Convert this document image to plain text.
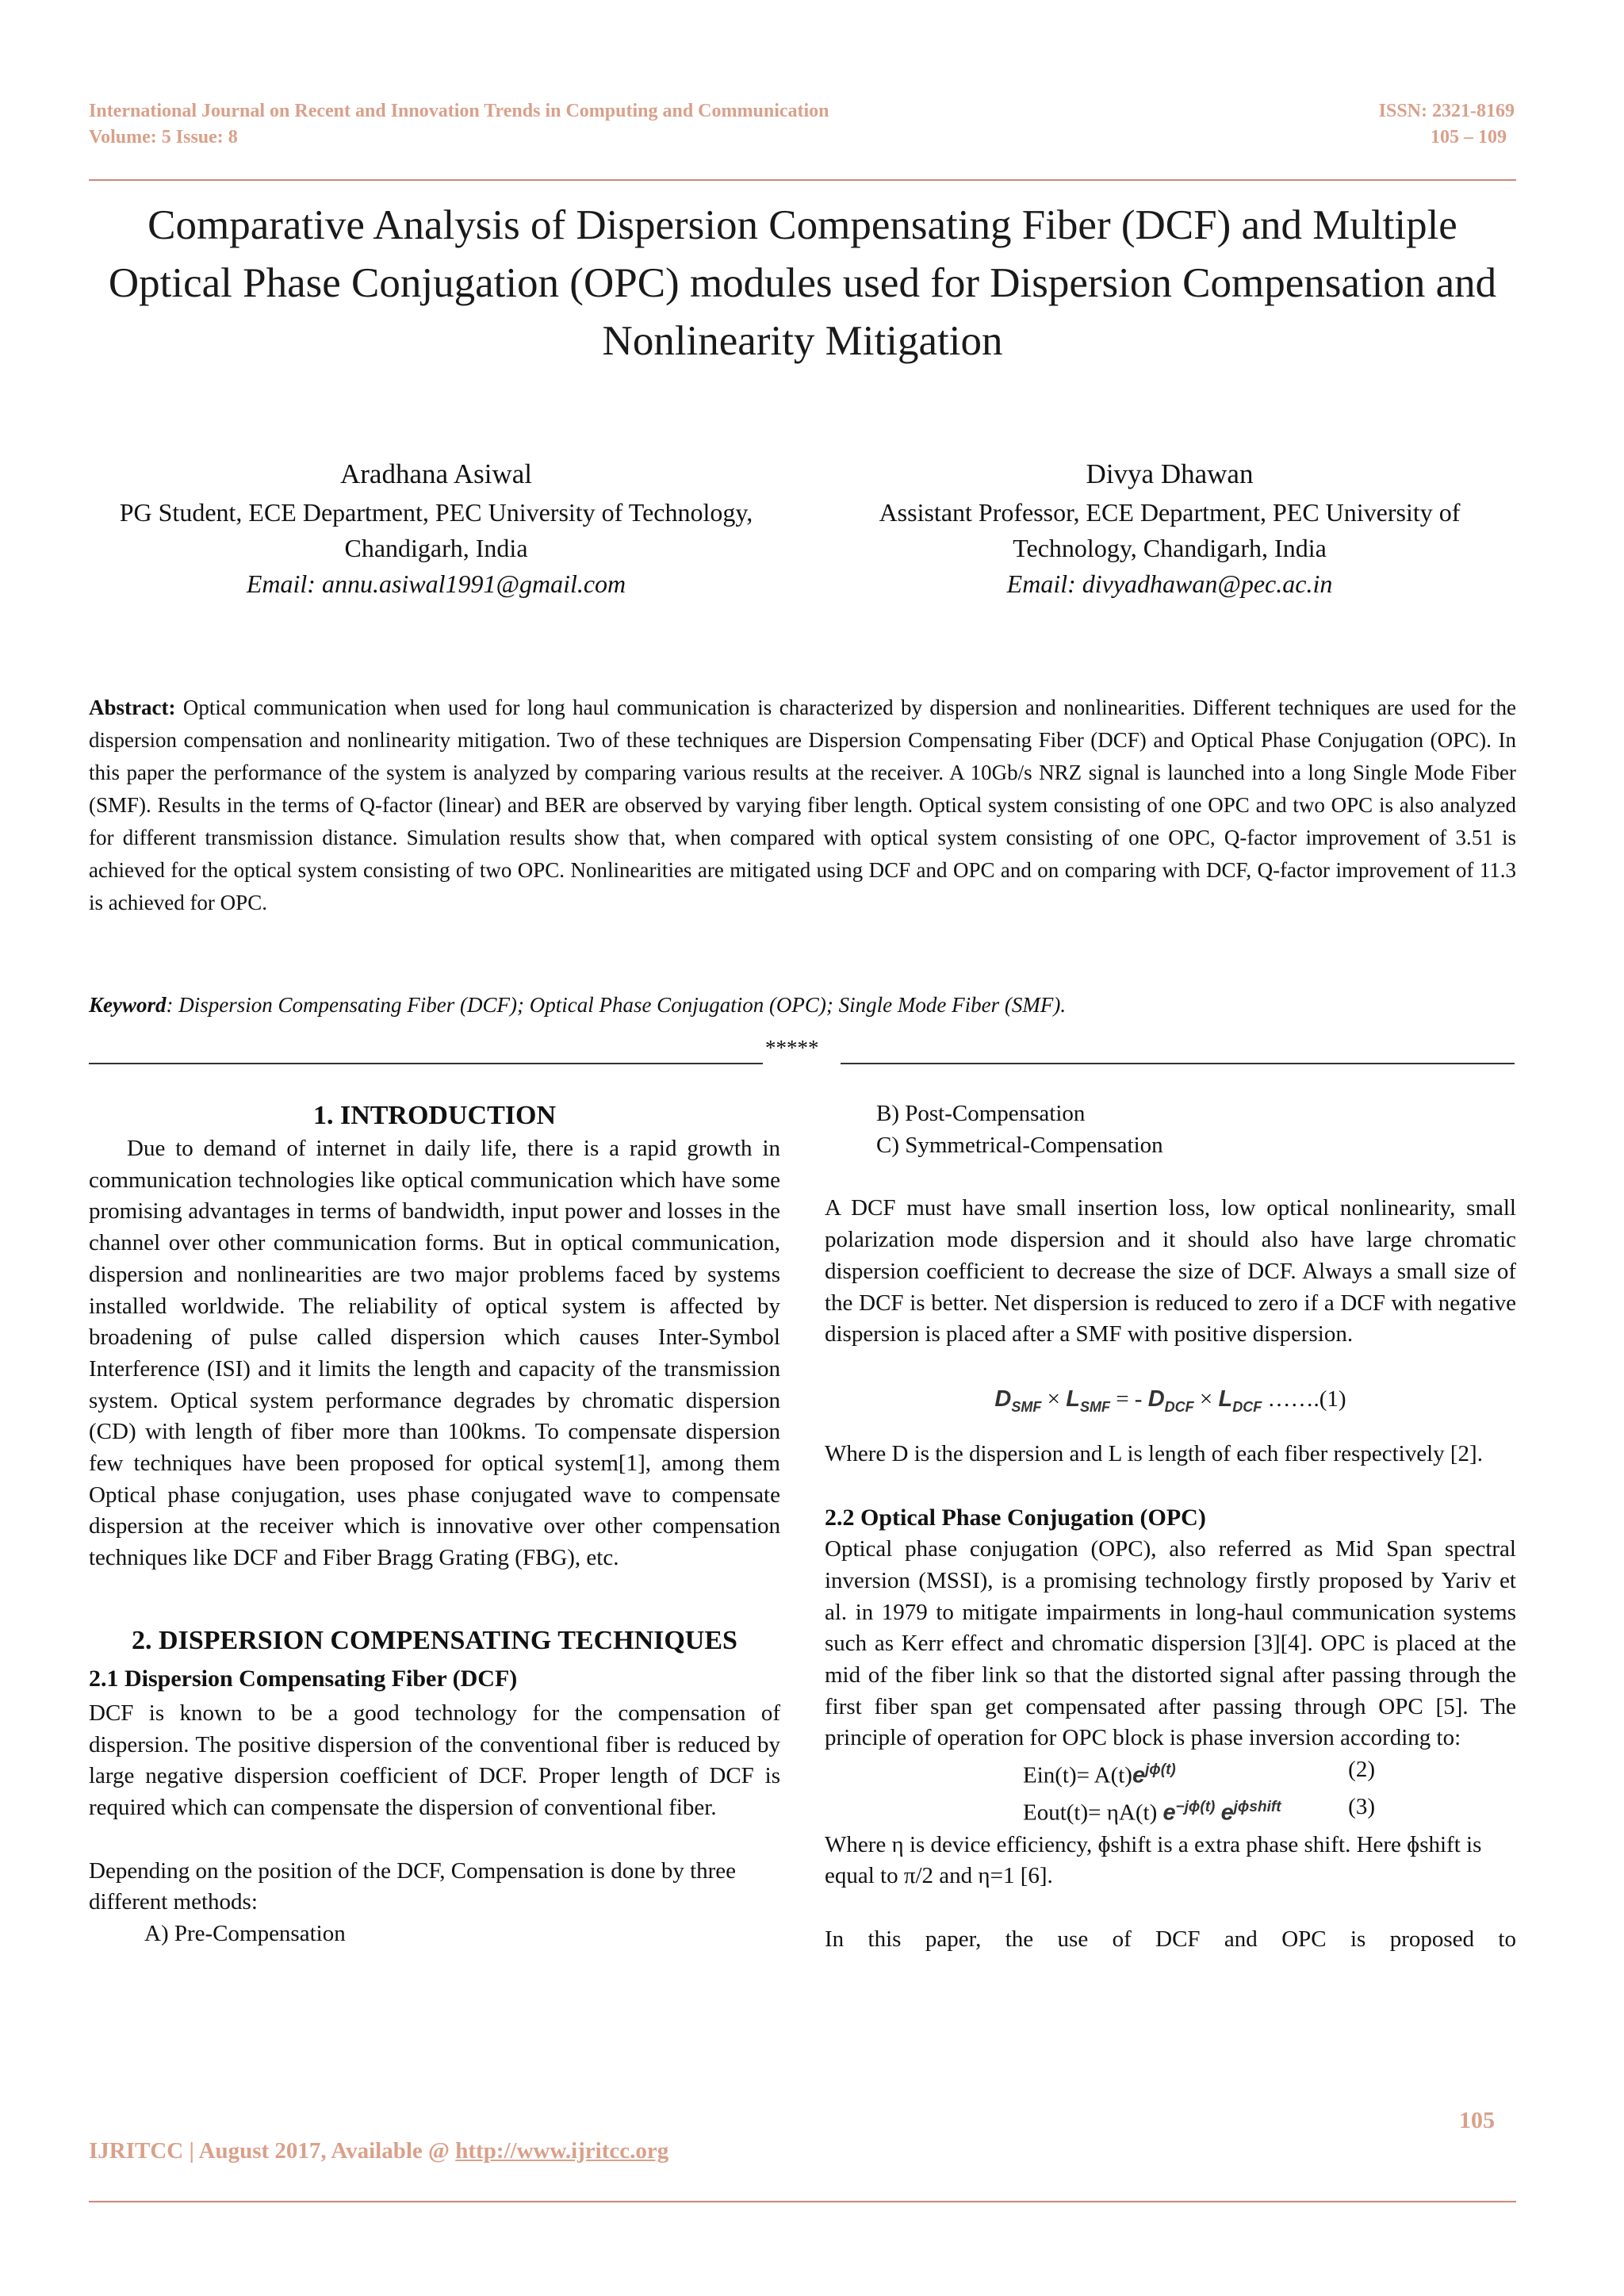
International Journal on Recent and Innovation Trends in Computing and Communication
Volume: 5 Issue: 8
ISSN: 2321-8169
105 – 109
Comparative Analysis of Dispersion Compensating Fiber (DCF) and Multiple Optical Phase Conjugation (OPC) modules used for Dispersion Compensation and Nonlinearity Mitigation
Aradhana Asiwal
PG Student, ECE Department, PEC University of Technology,
Chandigarh, India
Email: annu.asiwal1991@gmail.com
Divya Dhawan
Assistant Professor, ECE Department, PEC University of
Technology, Chandigarh, India
Email: divyadhawan@pec.ac.in
Abstract: Optical communication when used for long haul communication is characterized by dispersion and nonlinearities. Different techniques are used for the dispersion compensation and nonlinearity mitigation. Two of these techniques are Dispersion Compensating Fiber (DCF) and Optical Phase Conjugation (OPC). In this paper the performance of the system is analyzed by comparing various results at the receiver. A 10Gb/s NRZ signal is launched into a long Single Mode Fiber (SMF). Results in the terms of Q-factor (linear) and BER are observed by varying fiber length. Optical system consisting of one OPC and two OPC is also analyzed for different transmission distance. Simulation results show that, when compared with optical system consisting of one OPC, Q-factor improvement of 3.51 is achieved for the optical system consisting of two OPC. Nonlinearities are mitigated using DCF and OPC and on comparing with DCF, Q-factor improvement of 11.3 is achieved for OPC.
Keyword: Dispersion Compensating Fiber (DCF); Optical Phase Conjugation (OPC); Single Mode Fiber (SMF).
*****

1. INTRODUCTION

Due to demand of internet in daily life, there is a rapid growth in communication technologies like optical communication which have some promising advantages in terms of bandwidth, input power and losses in the channel over other communication forms. But in optical communication, dispersion and nonlinearities are two major problems faced by systems installed worldwide. The reliability of optical system is affected by broadening of pulse called dispersion which causes Inter-Symbol Interference (ISI) and it limits the length and capacity of the transmission system. Optical system performance degrades by chromatic dispersion (CD) with length of fiber more than 100kms. To compensate dispersion few techniques have been proposed for optical system[1], among them Optical phase conjugation, uses phase conjugated wave to compensate dispersion at the receiver which is innovative over other compensation techniques like DCF and Fiber Bragg Grating (FBG), etc.

2. DISPERSION COMPENSATING TECHNIQUES

2.1 Dispersion Compensating Fiber (DCF)

DCF is known to be a good technology for the compensation of dispersion. The positive dispersion of the conventional fiber is reduced by large negative dispersion coefficient of DCF. Proper length of DCF is required which can compensate the dispersion of conventional fiber.

Depending on the position of the DCF, Compensation is done by three different methods:

A) Pre-Compensation

B) Post-Compensation

C) Symmetrical-Compensation

A DCF must have small insertion loss, low optical nonlinearity, small polarization mode dispersion and it should also have large chromatic dispersion coefficient to decrease the size of DCF. Always a small size of the DCF is better. Net dispersion is reduced to zero if a DCF with negative dispersion is placed after a SMF with positive dispersion.

$D_{SMF} \times L_{SMF}$ = - $D_{DCF} \times L_{DCF}$ …….(1)

Where D is the dispersion and L is length of each fiber respectively [2].

2.2 Optical Phase Conjugation (OPC)

Optical phase conjugation (OPC), also referred as Mid Span spectral inversion (MSSI), is a promising technology firstly proposed by Yariv et al. in 1979 to mitigate impairments in long-haul communication systems such as Kerr effect and chromatic dispersion [3][4]. OPC is placed at the mid of the fiber link so that the distorted signal after passing through the first fiber span get compensated after passing through OPC [5]. The principle of operation for OPC block is phase inversion according to:

$Ein(t)= A(t)e^{jɸ(t)}$	(2)
Eout(t)= ηA(t) $e^{-jɸ(t)}$ $e^{jɸshift}$	(3)

Where η is device efficiency, ɸshift is a extra phase shift. Here ɸshift is equal to π/2 and η=1 [6].

In this paper, the use of DCF and OPC is proposed to

105
IJRITCC | August 2017, Available @ http://www.ijritcc.org
